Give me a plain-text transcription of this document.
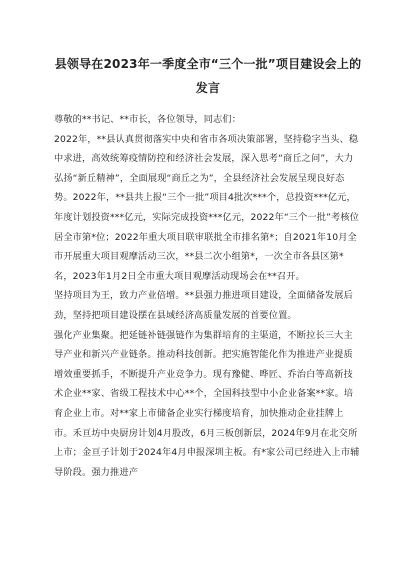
县领导在2023年一季度全市“三个一批”项目建设会上的
发言

尊敬的**书记、**市长，各位领导，同志们：

2022年，**县认真贯彻落实中央和省市各项决策部署，坚持稳字当头、稳中求进，高效统筹疫情防控和经济社会发展，深入思考“商丘之问”，大力弘扬“新丘精神”，全面展现“商丘之为”，全县经济社会发展呈现良好态势。2022年，**县共上报“三个一批”项目4批次***个，总投资***亿元，年度计划投资***亿元，实际完成投资***亿元，2022年“三个一批”考核位居全市第*位；2022年重大项目联审联批全市排名第*；自2021年10月全市开展重大项目观摩活动三次，**县二次小组第*，一次全市各县区第*名，2023年1月2日全市重大项目观摩活动现场会在**召开。

坚持项目为王，致力产业倍增。**县强力推进项目建设，全面储备发展后劲，坚持把项目建设摆在县域经济高质量发展的首要位置。

强化产业集聚。把延链补链强链作为集群培育的主渠道，不断拉长三大主导产业和新兴产业链条。推动科技创新。把实施智能化作为推进产业提质增效重要抓手，不断提升产业竞争力。现有豫健、哗匠、乔治白等高新技术企业**家、省级工程技术中心**个，全国科技型中小企业备案**家。培育企业上市。对**家上市储备企业实行梯度培育，加快推动企业挂牌上市。禾亘坊中央厨房计划4月股改，6月三板创新层，2024年9月在北交所上市；金亘子计划于2024年4月申报深圳主板。有*家公司已经进入上市辅导阶段。强力推进产
